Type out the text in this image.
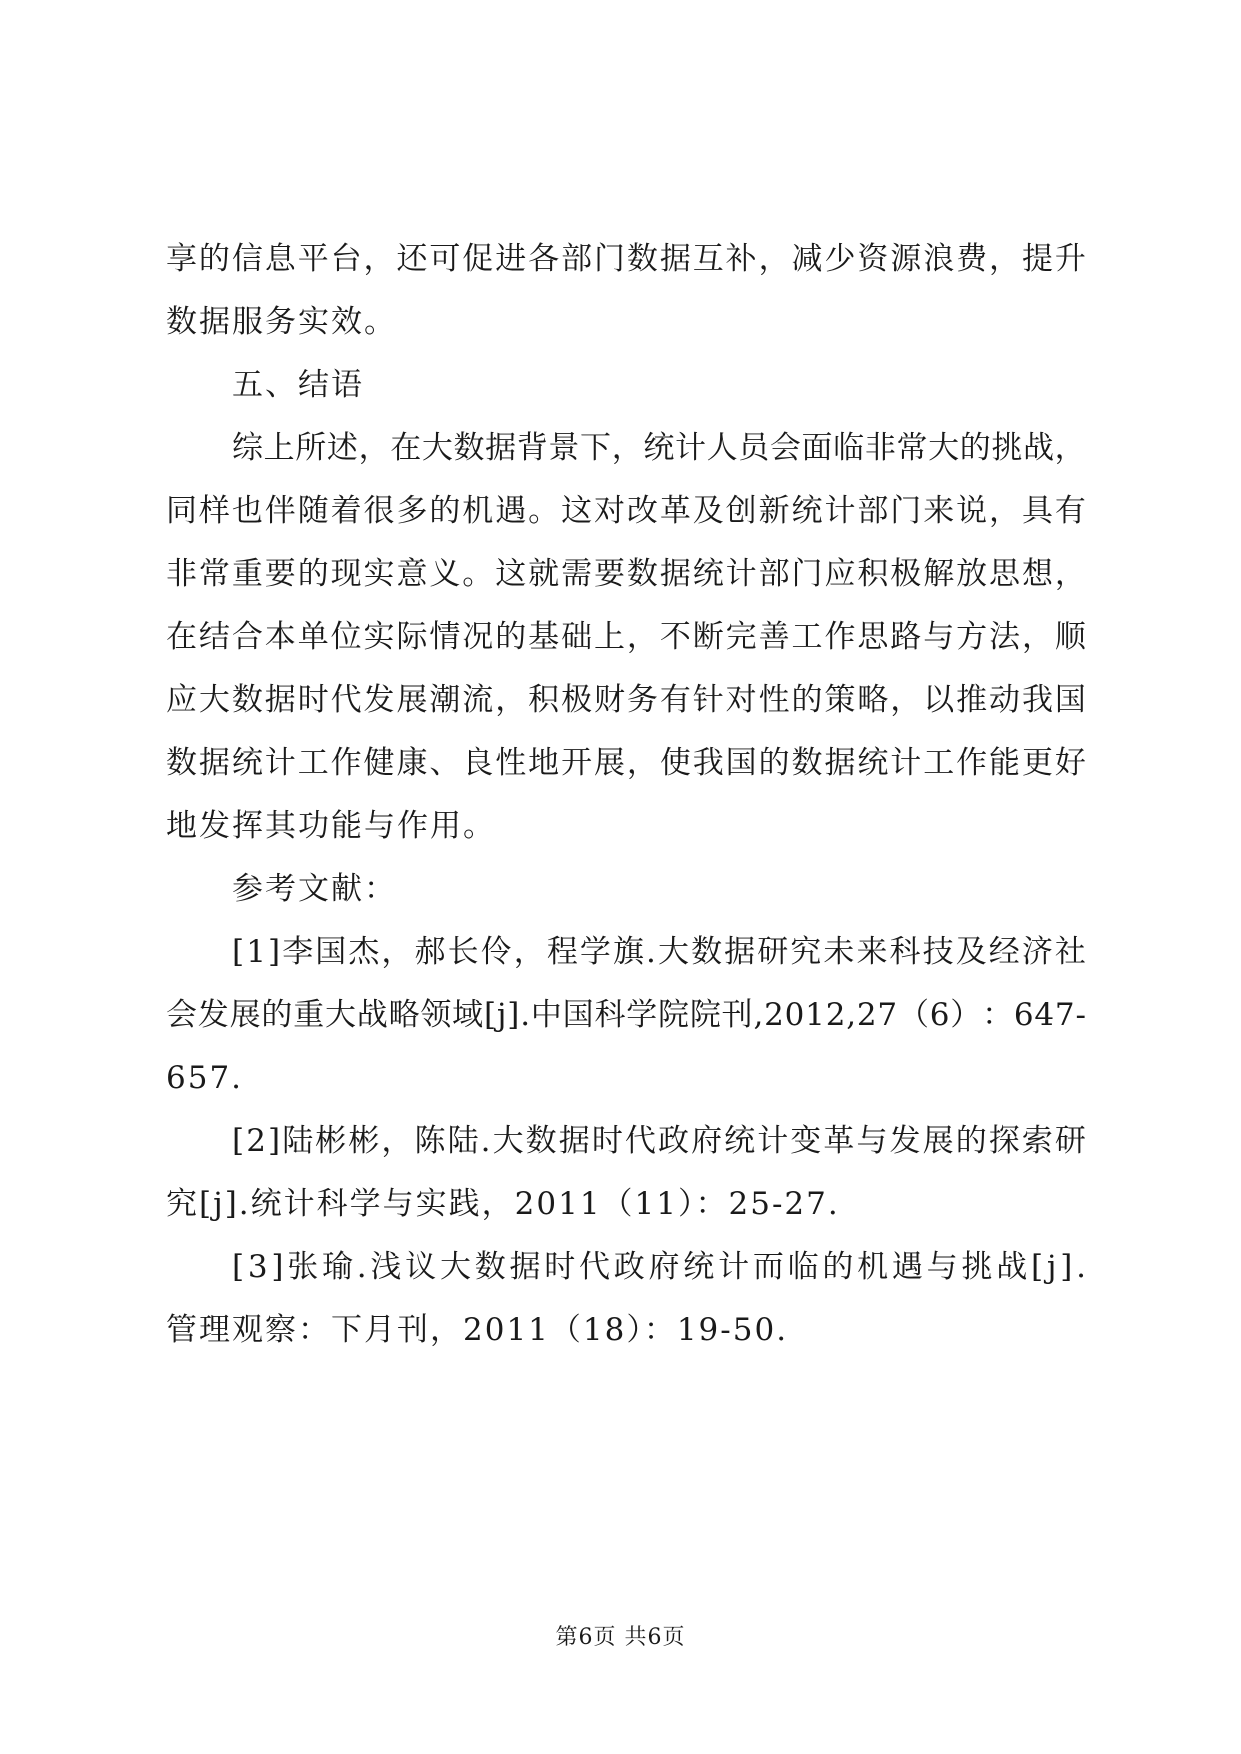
享 的 信 息 平 台 ， 还 可 促 进 各 部 门 数 据 互 补 ， 减 少 资 源 浪 费 ， 提 升
数据服务实效。
五、结语
综 上 所 述 ， 在 大 数 据 背 景 下 ， 统 计 人 员 会 面 临 非 常 大 的 挑 战 ，
同 样 也 伴 随 着 很 多 的 机 遇 。 这 对 改 革 及 创 新 统 计 部 门 来 说 ， 具 有
非 常 重 要 的 现 实 意 义 。 这 就 需 要 数 据 统 计 部 门 应 积 极 解 放 思 想 ，
在 结 合 本 单 位 实 际 情 况 的 基 础 上 ， 不 断 完 善 工 作 思 路 与 方 法 ， 顺
应 大 数 据 时 代 发 展 潮 流 ， 积 极 财 务 有 针 对 性 的 策 略 ， 以 推 动 我 国
数 据 统 计 工 作 健 康 、 良 性 地 开 展 ， 使 我 国 的 数 据 统 计 工 作 能 更 好
地发挥其功能与作用。
参考文献：
[ 1 ] 李 国 杰 ， 郝 长 伶 ， 程 学 旗 . 大 数 据 研 究 未 来 科 技 及 经 济 社
会 发 展 的 重 大 战 略 领 域 [ j ] . 中 国 科 学 院 院 刊 , 2 0 1 2 , 2 7 （ 6 ） ： 6 4 7 -
657.
[ 2 ] 陆 彬 彬 ， 陈 陆 . 大 数 据 时 代 政 府 统 计 变 革 与 发 展 的 探 索 研
究[j].统计科学与实践，2011（11）：25-27.
[ 3 ] 张 瑜 . 浅 议 大 数 据 时 代 政 府 统 计 而 临 的 机 遇 与 挑 战 [ j ] .
管理观察：下月刊，2011（18）：19-50.
第6页 共6页
